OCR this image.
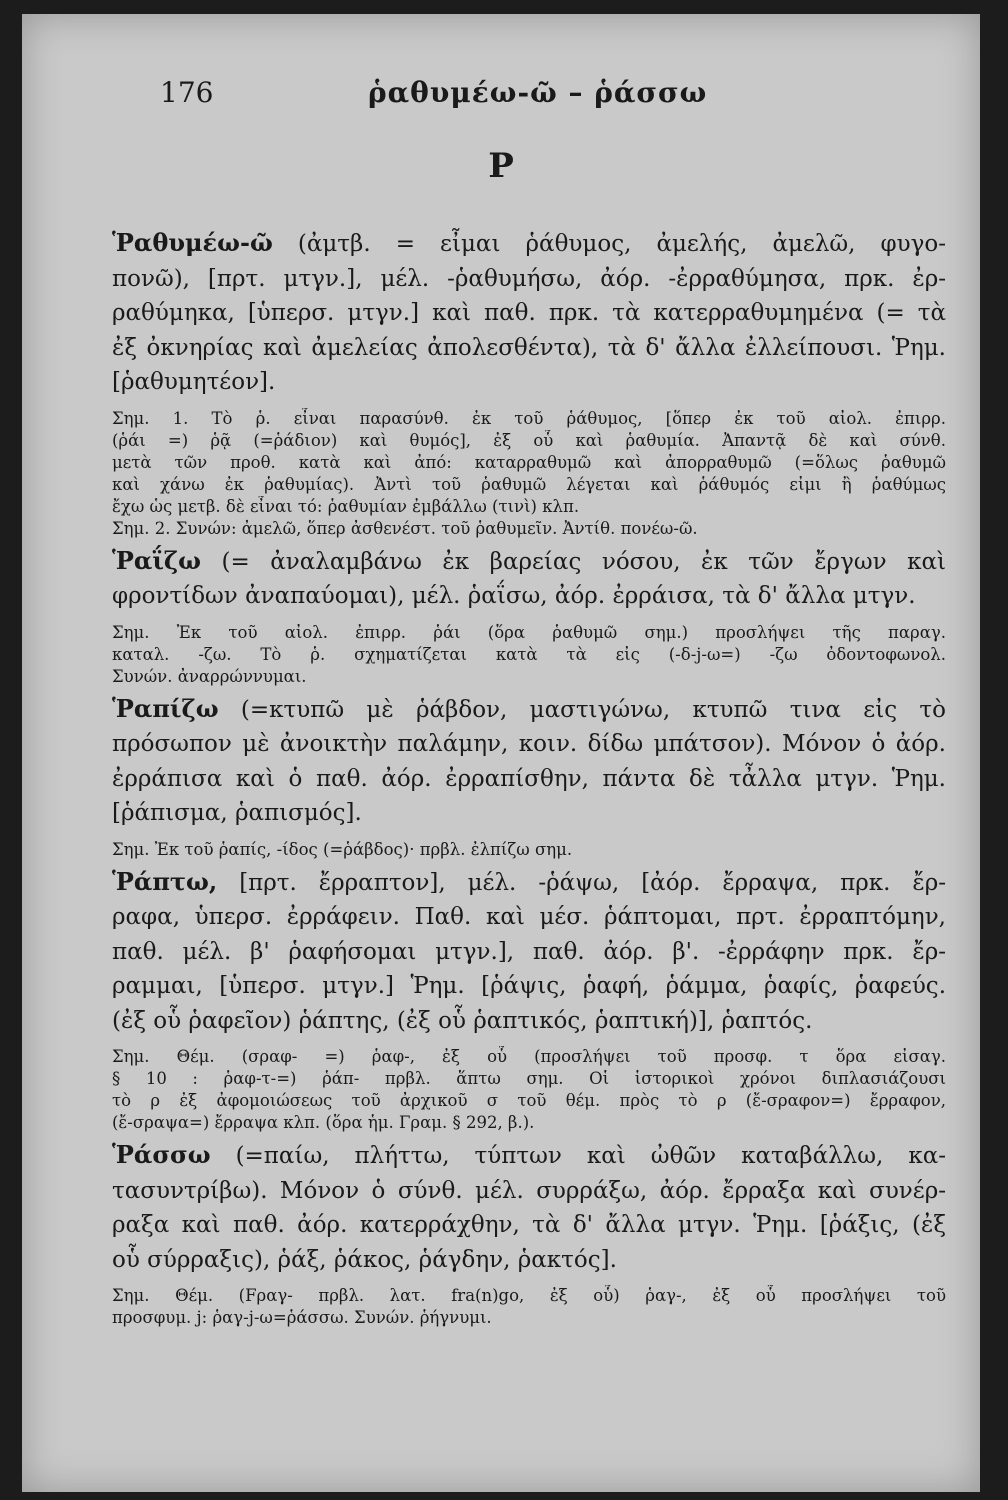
176	ῥαθυμέω-ῶ – ῥάσσω
Ρ
Ῥαθυμέω-ῶ (ἀμτβ. = εἶμαι ῥάθυμος, ἀμελής, ἀμελῶ, φυγο-
πονῶ), [πρτ. μτγν.], μέλ. -ῥαθυμήσω, ἀόρ. -ἐρραθύμησα, πρκ. ἐρ-
ραθύμηκα, [ὑπερσ. μτγν.] καὶ παθ. πρκ. τὰ κατερραθυμημένα (= τὰ
ἐξ ὀκνηρίας καὶ ἀμελείας ἀπολεσθέντα), τὰ δ' ἄλλα ἐλλείπουσι. Ῥημ.
[ῥαθυμητέον].
Σημ. 1. Τὸ ῥ. εἶναι παρασύνθ. ἐκ τοῦ ῥάθυμος, [ὅπερ ἐκ τοῦ αἰολ. ἐπιρρ.
(ῥάι =) ῥᾷ (=ῥάδιον) καὶ θυμός], ἐξ οὗ καὶ ῥαθυμία. Ἀπαντᾷ δὲ καὶ σύνθ.
μετὰ τῶν προθ. κατὰ καὶ ἀπό: καταρραθυμῶ καὶ ἀπορραθυμῶ (=ὅλως ῥαθυμῶ
καὶ χάνω ἐκ ῥαθυμίας). Ἀντὶ τοῦ ῥαθυμῶ λέγεται καὶ ῥάθυμός εἰμι ἢ ῥαθύμως
ἔχω ὡς μετβ. δὲ εἶναι τό: ῥαθυμίαν ἐμβάλλω (τινὶ) κλπ.
Σημ. 2. Συνών: ἀμελῶ, ὅπερ ἀσθενέστ. τοῦ ῥαθυμεῖν. Ἀντίθ. πονέω-ῶ.
Ῥαΐζω (= ἀναλαμβάνω ἐκ βαρείας νόσου, ἐκ τῶν ἔργων καὶ
φροντίδων ἀναπαύομαι), μέλ. ῥαΐσω, ἀόρ. ἐρράισα, τὰ δ' ἄλλα μτγν.
Σημ. Ἐκ τοῦ αἰολ. ἐπιρρ. ῥάι (ὅρα ῥαθυμῶ σημ.) προσλήψει τῆς παραγ.
καταλ. -ζω. Τὸ ῥ. σχηματίζεται κατὰ τὰ εἰς (-δ-j-ω=) -ζω ὀδοντοφωνολ.
Συνών. ἀναρρώννυμαι.
Ῥαπίζω (=κτυπῶ μὲ ῥάβδον, μαστιγώνω, κτυπῶ τινα εἰς τὸ
πρόσωπον μὲ ἀνοικτὴν παλάμην, κοιν. δίδω μπάτσον). Μόνον ὁ ἀόρ.
ἐρράπισα καὶ ὁ παθ. ἀόρ. ἐρραπίσθην, πάντα δὲ τἆλλα μτγν. Ῥημ.
[ῥάπισμα, ῥαπισμός].
Σημ. Ἐκ τοῦ ῥαπίς, -ίδος (=ῥάβδος)· πρβλ. ἐλπίζω σημ.
Ῥάπτω, [πρτ. ἔρραπτον], μέλ. -ῥάψω, [ἀόρ. ἔρραψα, πρκ. ἔρ-
ραφα, ὑπερσ. ἐρράφειν. Παθ. καὶ μέσ. ῥάπτομαι, πρτ. ἐρραπτόμην,
παθ. μέλ. β' ῥαφήσομαι μτγν.], παθ. ἀόρ. β'. -ἐρράφην πρκ. ἔρ-
ραμμαι, [ὑπερσ. μτγν.] Ῥημ. [ῥάψις, ῥαφή, ῥάμμα, ῥαφίς, ῥαφεύς.
(ἐξ οὗ ῥαφεῖον) ῥάπτης, (ἐξ οὗ ῥαπτικός, ῥαπτική)], ῥαπτός.
Σημ. Θέμ. (σραφ- =) ῥαφ-, ἐξ οὗ (προσλήψει τοῦ προσφ. τ ὅρα εἰσαγ.
§ 10 : ῥαφ-τ-=) ῥάπ- πρβλ. ἅπτω σημ. Οἱ ἱστορικοὶ χρόνοι διπλασιάζουσι
τὸ ρ ἐξ ἀφομοιώσεως τοῦ ἀρχικοῦ σ τοῦ θέμ. πρὸς τὸ ρ (ἔ-σραφον=) ἔρραφον,
(ἔ-σραψα=) ἔρραψα κλπ. (ὅρα ἡμ. Γραμ. § 292, β.).
Ῥάσσω (=παίω, πλήττω, τύπτων καὶ ὠθῶν καταβάλλω, κα-
τασυντρίβω). Μόνον ὁ σύνθ. μέλ. συρράξω, ἀόρ. ἔρραξα καὶ συνέρ-
ραξα καὶ παθ. ἀόρ. κατερράχθην, τὰ δ' ἄλλα μτγν. Ῥημ. [ῥάξις, (ἐξ
οὗ σύρραξις), ῥάξ, ῥάκος, ῥάγδην, ῥακτός].
Σημ. Θέμ. (Fραγ- πρβλ. λατ. fra(n)go, ἐξ οὗ) ῥαγ-, ἐξ οὗ προσλήψει τοῦ
προσφυμ. j: ῥαγ-j-ω=ῥάσσω. Συνών. ῥήγνυμι.
